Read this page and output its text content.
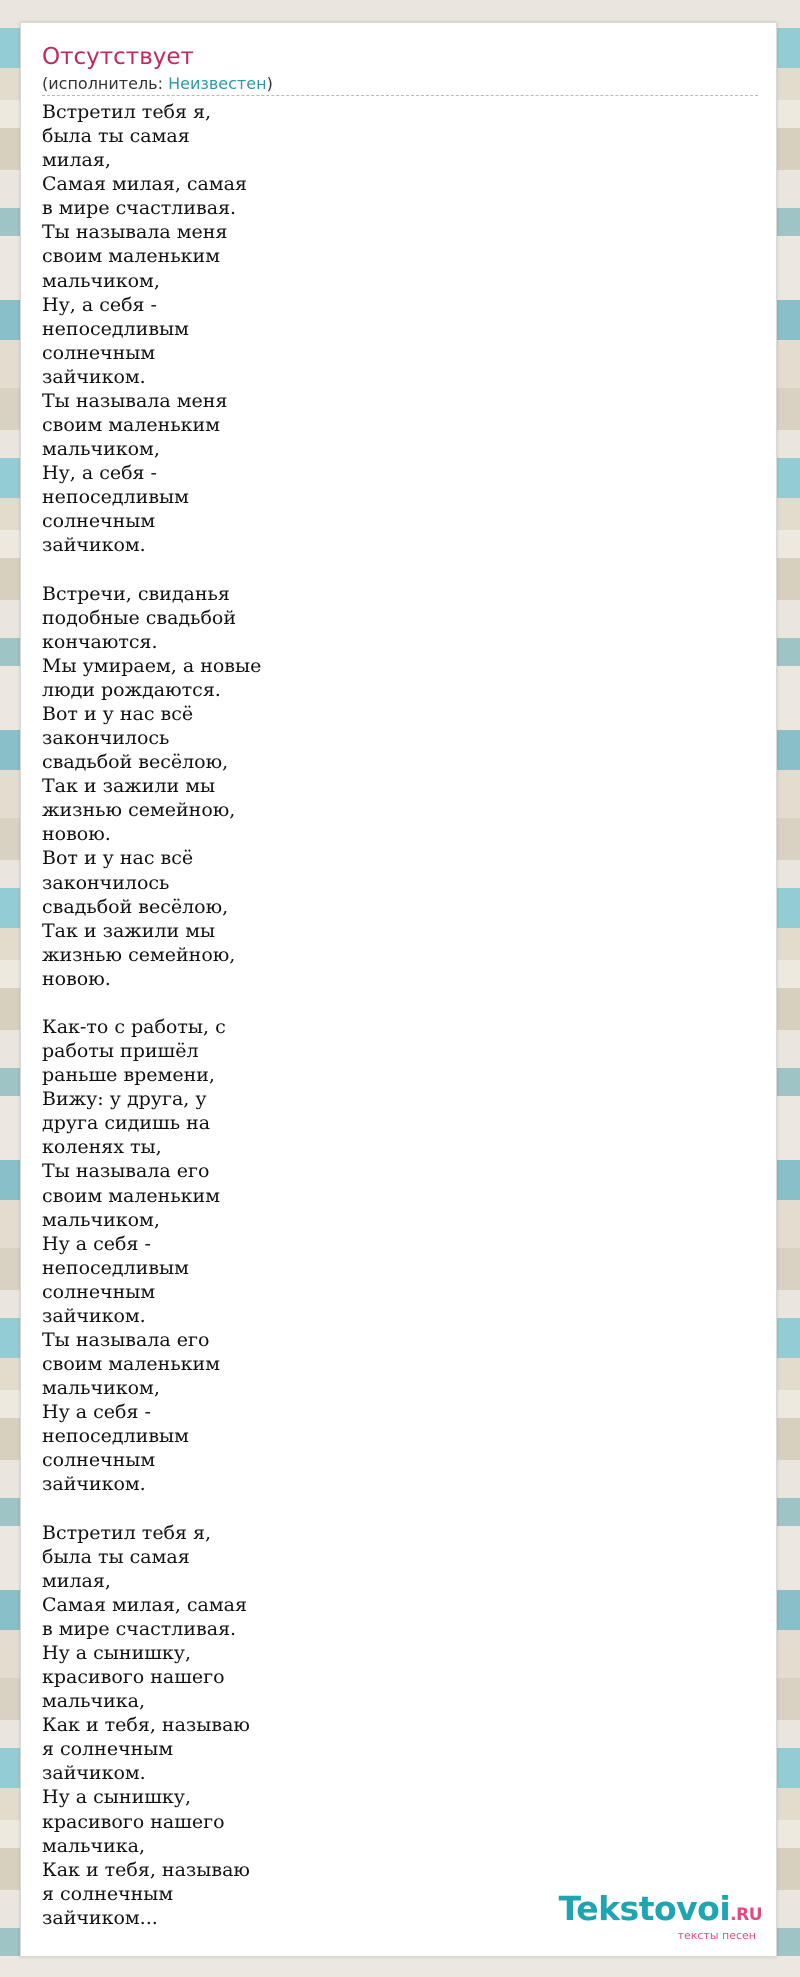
Отсутствует
(исполнитель: Неизвестен)
Встретил тебя я,
была ты самая
милая,
Самая милая, самая
в мире счастливая.
Ты называла меня
своим маленьким
мальчиком,
Ну, а себя -
непоседливым
солнечным
зайчиком.
Ты называла меня
своим маленьким
мальчиком,
Ну, а себя -
непоседливым
солнечным
зайчиком.

Встречи, свиданья
подобные свадьбой
кончаются.
Мы умираем, а новые
люди рождаются.
Вот и у нас всё
закончилось
свадьбой весёлою,
Так и зажили мы
жизнью семейною,
новою.
Вот и у нас всё
закончилось
свадьбой весёлою,
Так и зажили мы
жизнью семейною,
новою.

Как-то с работы, с
работы пришёл
раньше времени,
Вижу: у друга, у
друга сидишь на
коленях ты,
Ты называла его
своим маленьким
мальчиком,
Ну а себя -
непоседливым
солнечным
зайчиком.
Ты называла его
своим маленьким
мальчиком,
Ну а себя -
непоседливым
солнечным
зайчиком.

Встретил тебя я,
была ты самая
милая,
Самая милая, самая
в мире счастливая.
Ну а сынишку,
красивого нашего
мальчика,
Как и тебя, называю
я солнечным
зайчиком.
Ну а сынишку,
красивого нашего
мальчика,
Как и тебя, называю
я солнечным
зайчиком...	Tekstovoi.RU
тексты песен
